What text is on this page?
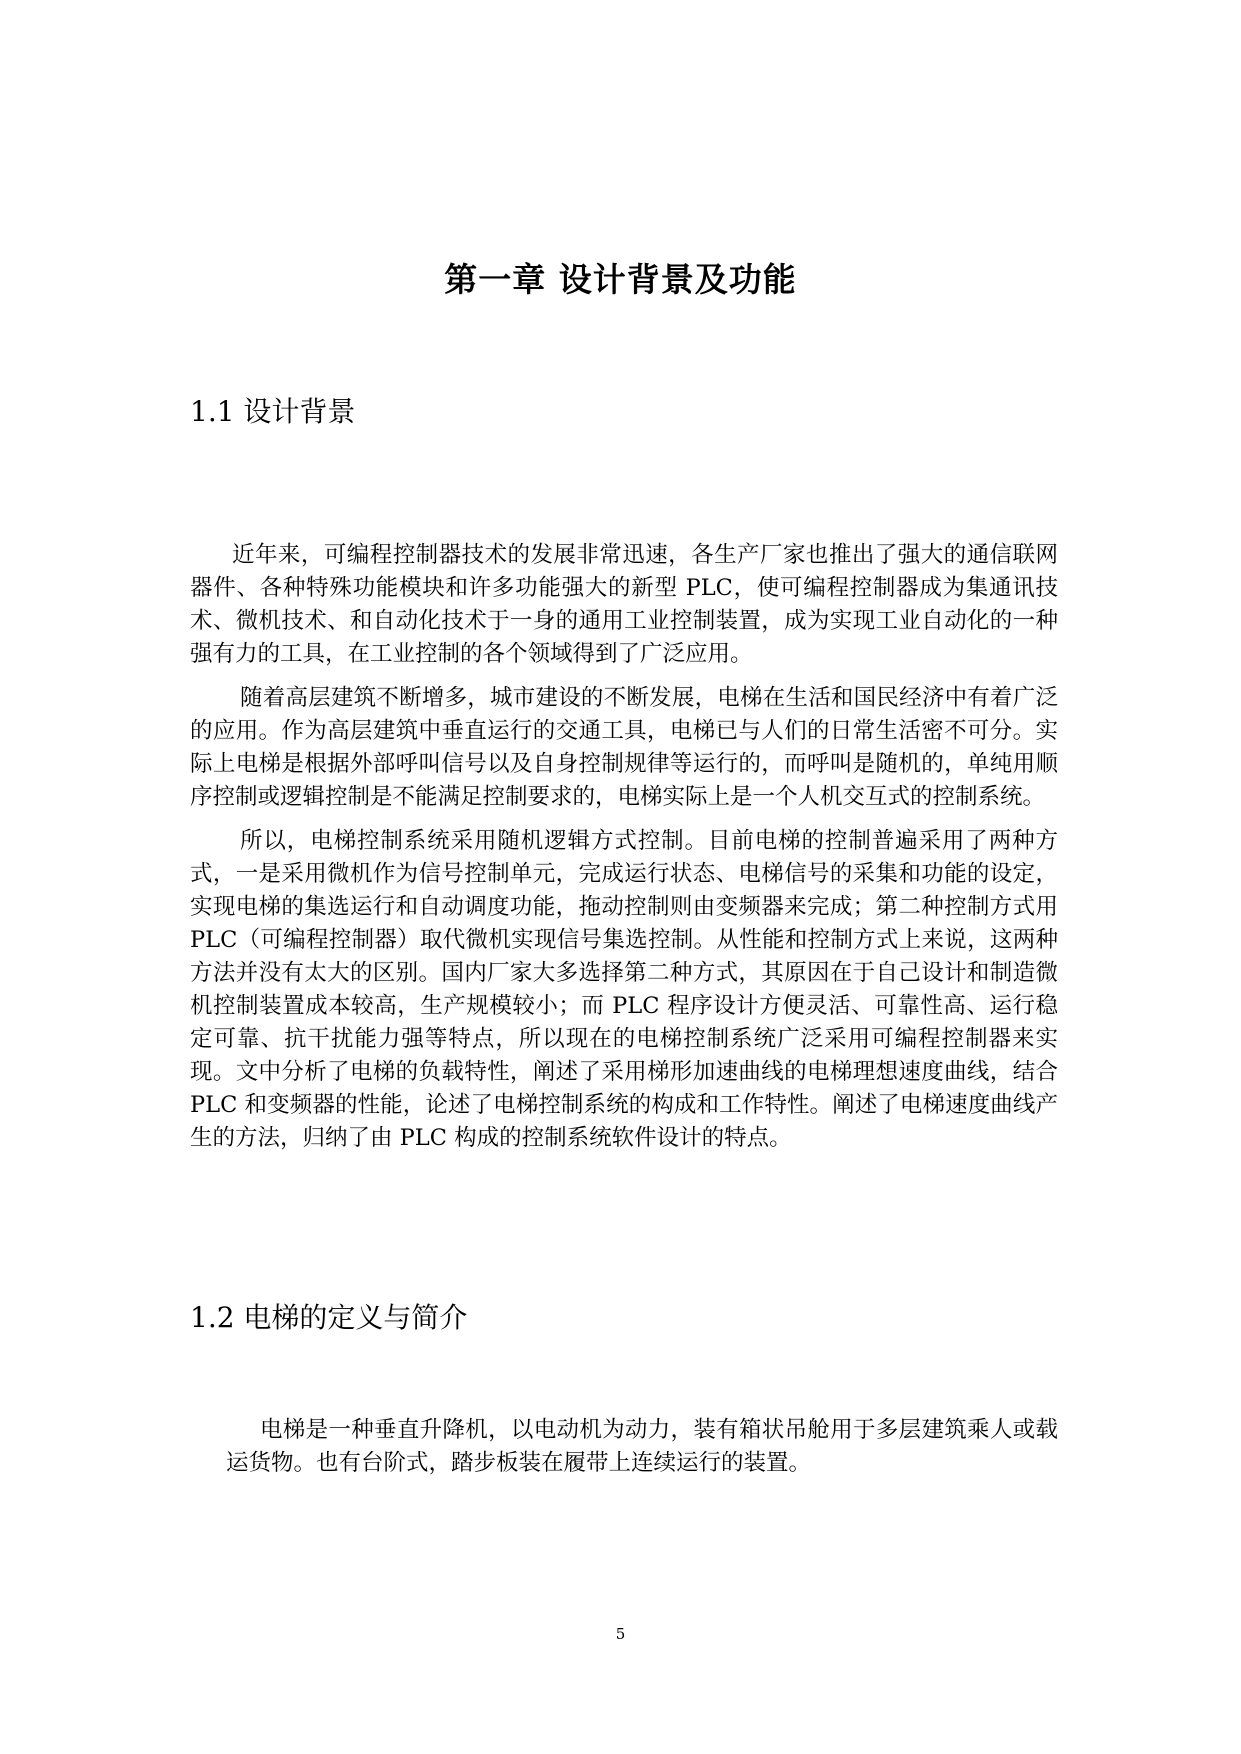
第一章 设计背景及功能
1.1 设计背景

近年来，可编程控制器技术的发展非常迅速，各生产厂家也推出了强大的通信联网器件、各种特殊功能模块和许多功能强大的新型 PLC，使可编程控制器成为集通讯技术、微机技术、和自动化技术于一身的通用工业控制装置，成为实现工业自动化的一种强有力的工具，在工业控制的各个领域得到了广泛应用。

随着高层建筑不断增多，城市建设的不断发展，电梯在生活和国民经济中有着广泛的应用。作为高层建筑中垂直运行的交通工具，电梯已与人们的日常生活密不可分。实际上电梯是根据外部呼叫信号以及自身控制规律等运行的，而呼叫是随机的，单纯用顺序控制或逻辑控制是不能满足控制要求的，电梯实际上是一个人机交互式的控制系统。

所以，电梯控制系统采用随机逻辑方式控制。目前电梯的控制普遍采用了两种方式，一是采用微机作为信号控制单元，完成运行状态、电梯信号的采集和功能的设定，实现电梯的集选运行和自动调度功能，拖动控制则由变频器来完成；第二种控制方式用 PLC（可编程控制器）取代微机实现信号集选控制。从性能和控制方式上来说，这两种方法并没有太大的区别。国内厂家大多选择第二种方式，其原因在于自己设计和制造微机控制装置成本较高，生产规模较小；而 PLC 程序设计方便灵活、可靠性高、运行稳定可靠、抗干扰能力强等特点，所以现在的电梯控制系统广泛采用可编程控制器来实现。文中分析了电梯的负载特性，阐述了采用梯形加速曲线的电梯理想速度曲线，结合 PLC 和变频器的性能，论述了电梯控制系统的构成和工作特性。阐述了电梯速度曲线产生的方法，归纳了由 PLC 构成的控制系统软件设计的特点。

1.2 电梯的定义与简介

电梯是一种垂直升降机，以电动机为动力，装有箱状吊舱用于多层建筑乘人或载运货物。也有台阶式，踏步板装在履带上连续运行的装置。

5
